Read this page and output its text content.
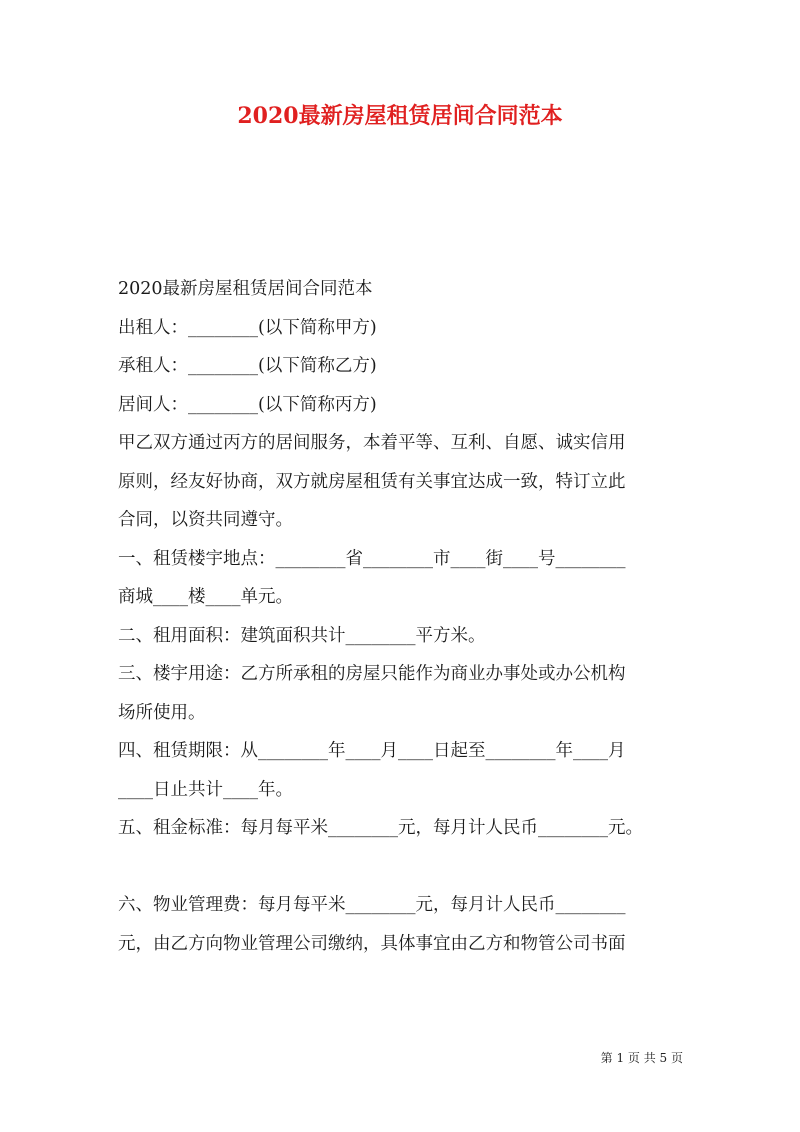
2020最新房屋租赁居间合同范本
2020最新房屋租赁居间合同范本
出租人：________(以下简称甲方)
承租人：________(以下简称乙方)
居间人：________(以下简称丙方)
甲乙双方通过丙方的居间服务，本着平等、互利、自愿、诚实信用
原则，经友好协商，双方就房屋租赁有关事宜达成一致，特订立此
合同，以资共同遵守。
一、租赁楼宇地点：________省________市____街____号________
商城____楼____单元。
二、租用面积：建筑面积共计________平方米。
三、楼宇用途：乙方所承租的房屋只能作为商业办事处或办公机构
场所使用。
四、租赁期限：从________年____月____日起至________年____月
____日止共计____年。
五、租金标准：每月每平米________元，每月计人民币________元。
六、物业管理费：每月每平米________元，每月计人民币________
元，由乙方向物业管理公司缴纳，具体事宜由乙方和物管公司书面
第 1 页 共 5 页
